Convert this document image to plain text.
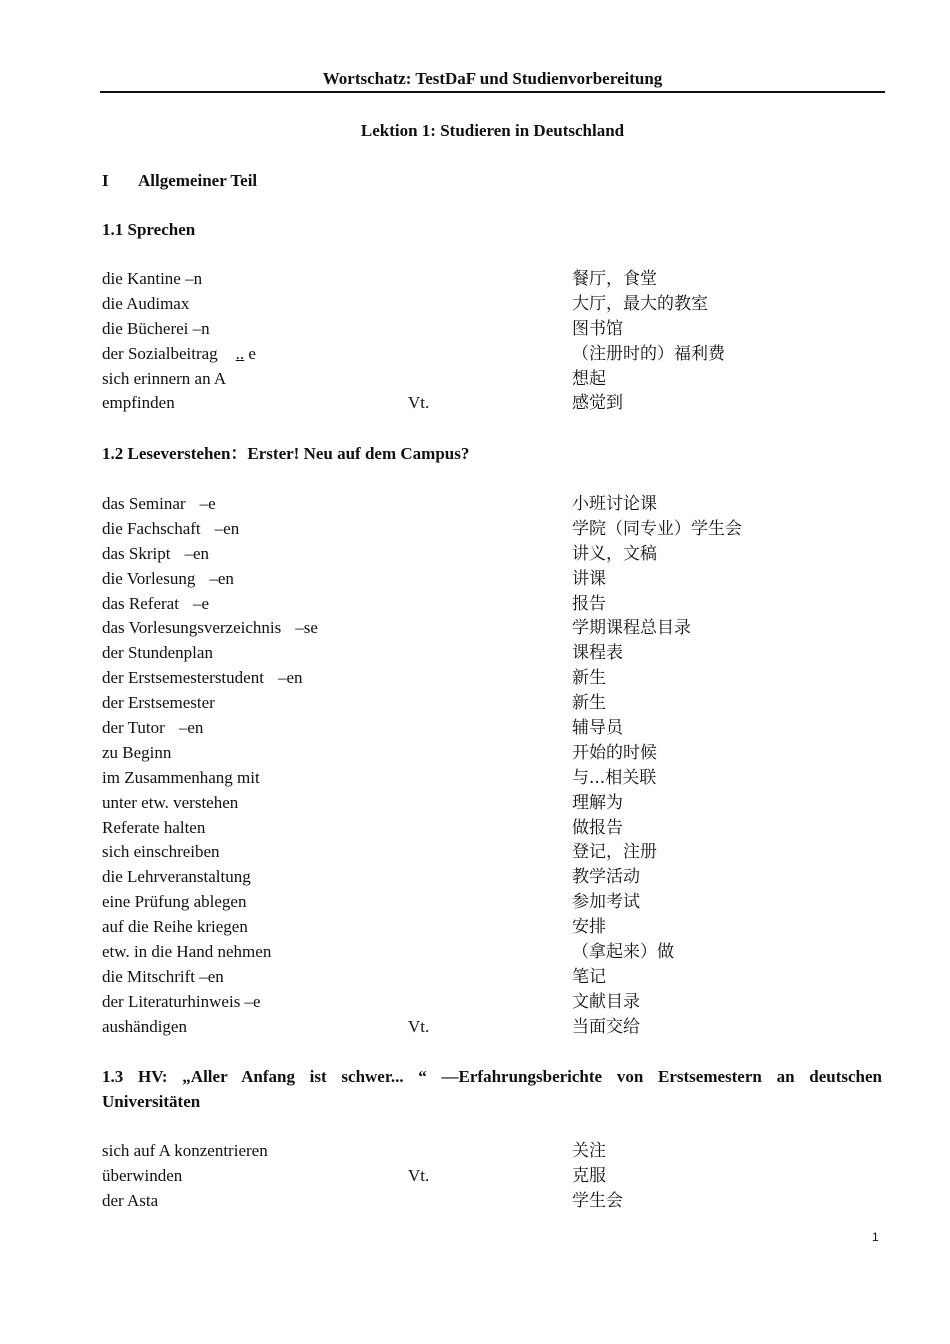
Wortschatz: TestDaF und Studienvorbereitung
Lektion 1: Studieren in Deutschland
I Allgemeiner Teil
1.1 Sprechen
die Kantine –n	餐厅，食堂
die Audimax	大厅，最大的教室
die Bücherei –n	图书馆
der Sozialbeitrag .. e	（注册时的）福利费
sich erinnern an A	想起
empfinden	Vt.	感觉到
1.2 Leseverstehen：Erster! Neu auf dem Campus?
das Seminar –e	小班讨论课
die Fachschaft –en	学院（同专业）学生会
das Skript –en	讲义，文稿
die Vorlesung –en	讲课
das Referat –e	报告
das Vorlesungsverzeichnis –se	学期课程总目录
der Stundenplan	课程表
der Erstsemesterstudent –en	新生
der Erstsemester	新生
der Tutor –en	辅导员
zu Beginn	开始的时候
im Zusammenhang mit	与...相关联
unter etw. verstehen	理解为
Referate halten	做报告
sich einschreiben	登记，注册
die Lehrveranstaltung	教学活动
eine Prüfung ablegen	参加考试
auf die Reihe kriegen	安排
etw. in die Hand nehmen	（拿起来）做
die Mitschrift –en	笔记
der Literaturhinweis –e	文献目录
aushändigen	Vt.	当面交给
1.3 HV: „Aller Anfang ist schwer... “ —Erfahrungsberichte von Erstsemestern an deutschen
Universitäten
sich auf A konzentrieren	关注
überwinden	Vt.	克服
der Asta	学生会
1
